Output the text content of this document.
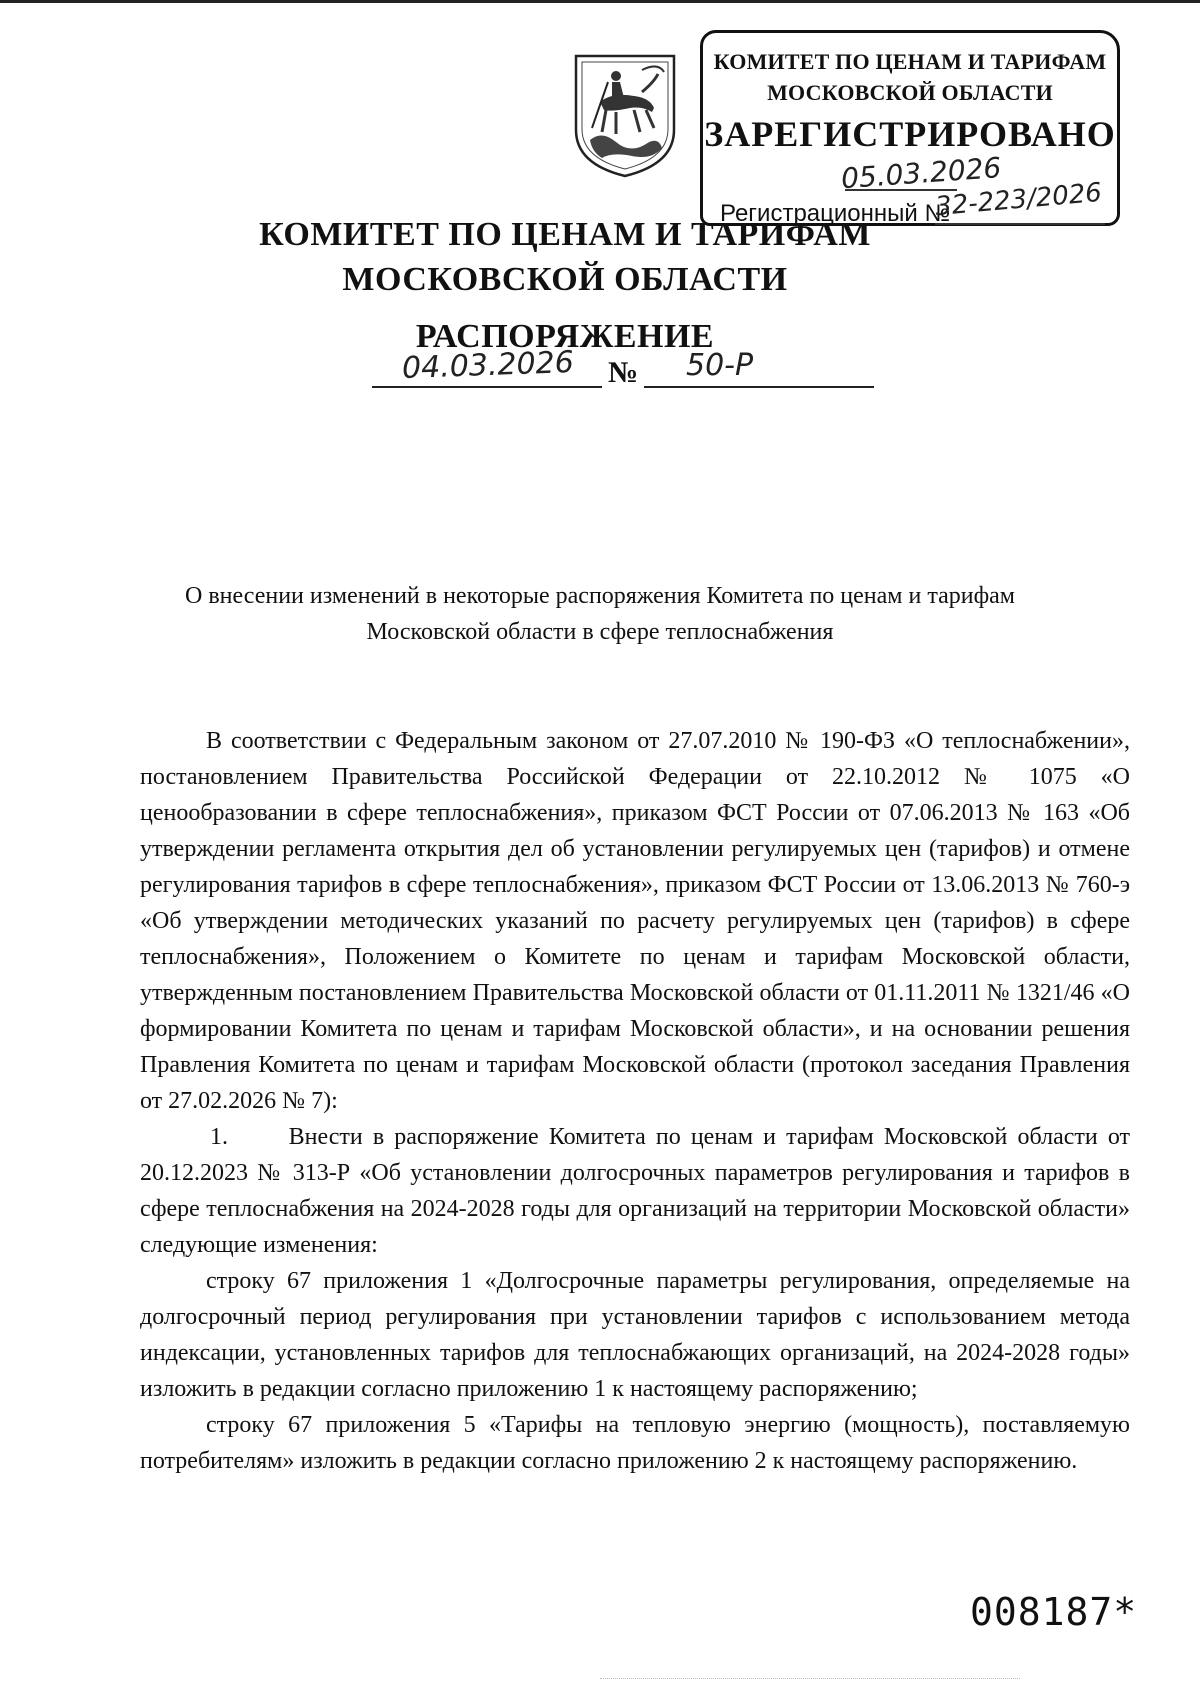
КОМИТЕТ ПО ЦЕНАМ И ТАРИФАМ
МОСКОВСКОЙ ОБЛАСТИ
ЗАРЕГИСТРИРОВАНО
05.03.2026
Регистрационный №
32-223/2026
КОМИТЕТ ПО ЦЕНАМ И ТАРИФАМ
МОСКОВСКОЙ ОБЛАСТИ
РАСПОРЯЖЕНИЕ
04.03.2026 № 50-Р
О внесении изменений в некоторые распоряжения Комитета по ценам и тарифам Московской области в сфере теплоснабжения

В соответствии с Федеральным законом от 27.07.2010 № 190-ФЗ «О теплоснабжении», постановлением Правительства Российской Федерации от 22.10.2012 № 1075 «О ценообразовании в сфере теплоснабжения», приказом ФСТ России от 07.06.2013 № 163 «Об утверждении регламента открытия дел об установлении регулируемых цен (тарифов) и отмене регулирования тарифов в сфере теплоснабжения», приказом ФСТ России от 13.06.2013 № 760-э «Об утверждении методических указаний по расчету регулируемых цен (тарифов) в сфере теплоснабжения», Положением о Комитете по ценам и тарифам Московской области, утвержденным постановлением Правительства Московской области от 01.11.2011 № 1321/46 «О формировании Комитета по ценам и тарифам Московской области», и на основании решения Правления Комитета по ценам и тарифам Московской области (протокол заседания Правления от 27.02.2026 № 7):

1.	Внести в распоряжение Комитета по ценам и тарифам Московской области от 20.12.2023 № 313-Р «Об установлении долгосрочных параметров регулирования и тарифов в сфере теплоснабжения на 2024-2028 годы для организаций на территории Московской области» следующие изменения:

строку 67 приложения 1 «Долгосрочные параметры регулирования, определяемые на долгосрочный период регулирования при установлении тарифов с использованием метода индексации, установленных тарифов для теплоснабжающих организаций, на 2024-2028 годы» изложить в редакции согласно приложению 1 к настоящему распоряжению;

строку 67 приложения 5 «Тарифы на тепловую энергию (мощность), поставляемую потребителям» изложить в редакции согласно приложению 2 к настоящему распоряжению.

008187*
